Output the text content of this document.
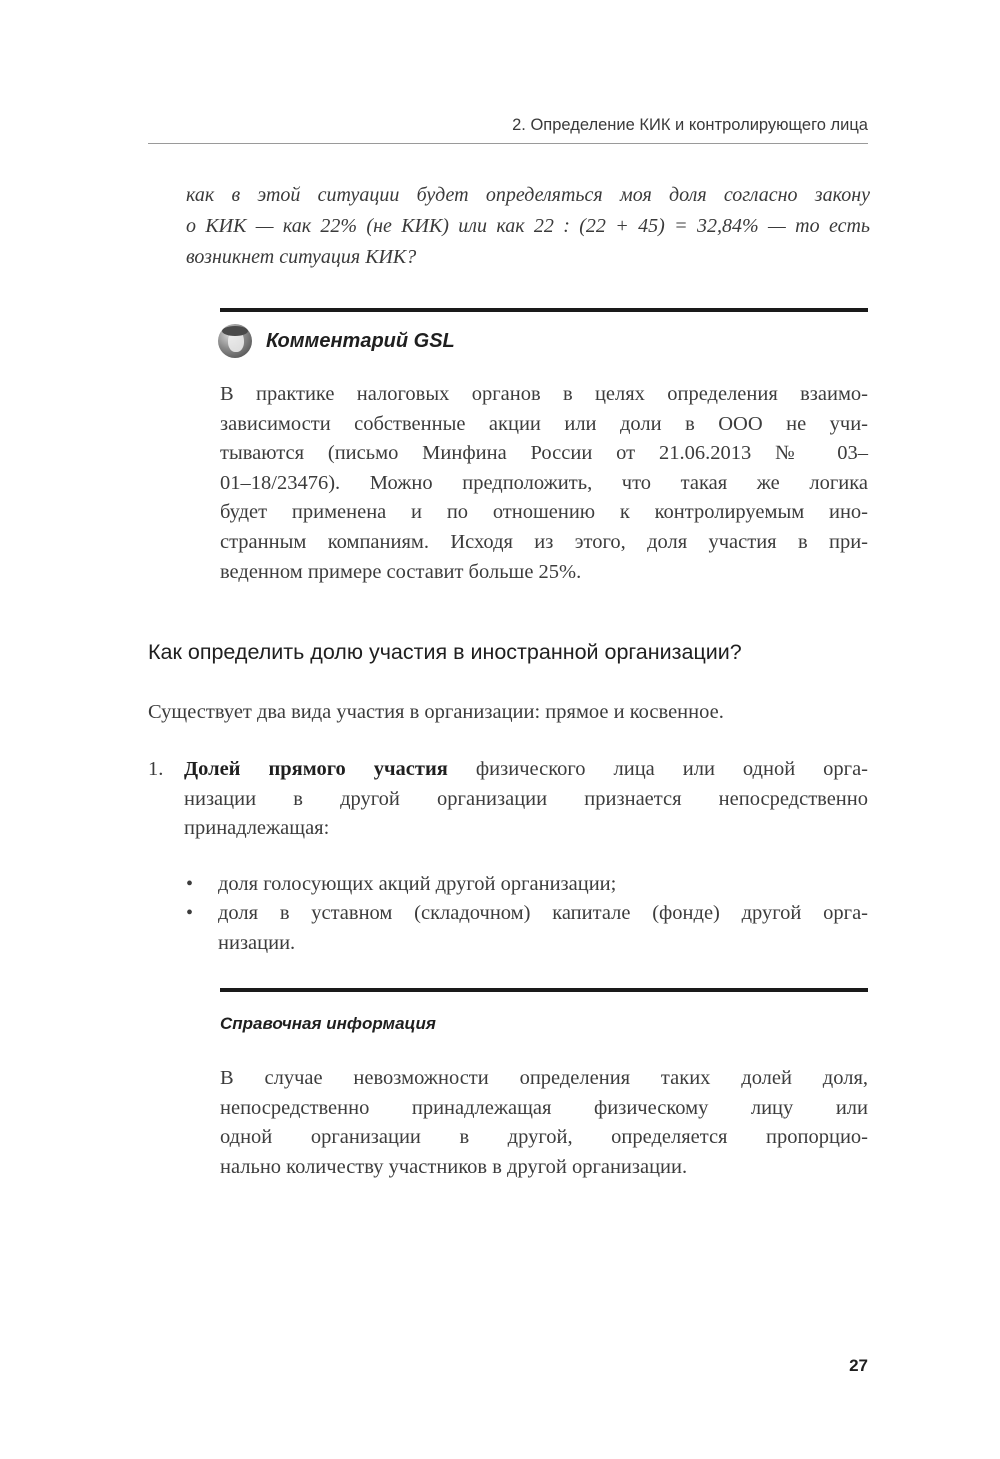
2. Определение КИК и контролирующего лица
как в этой ситуации будет определяться моя доля согласно закону
о КИК — как 22% (не КИК) или как 22 : (22 + 45) = 32,84% — то есть
возникнет ситуация КИК?
Комментарий GSL
В практике налоговых органов в целях определения взаимо-
зависимости собственные акции или доли в ООО не учи-
тываются (письмо Минфина России от 21.06.2013 № 03–
01–18/23476). Можно предположить, что такая же логика
будет применена и по отношению к контролируемым ино-
странным компаниям. Исходя из этого, доля участия в при-
веденном примере составит больше 25%.
Как определить долю участия в иностранной организации?
Существует два вида участия в организации: прямое и косвенное.
1. Долей прямого участия физического лица или одной орга-
низации в другой организации признается непосредственно
принадлежащая:
• доля голосующих акций другой организации;
• доля в уставном (складочном) капитале (фонде) другой орга-
низации.
Справочная информация
В случае невозможности определения таких долей доля,
непосредственно принадлежащая физическому лицу или
одной организации в другой, определяется пропорцио-
нально количеству участников в другой организации.
27
